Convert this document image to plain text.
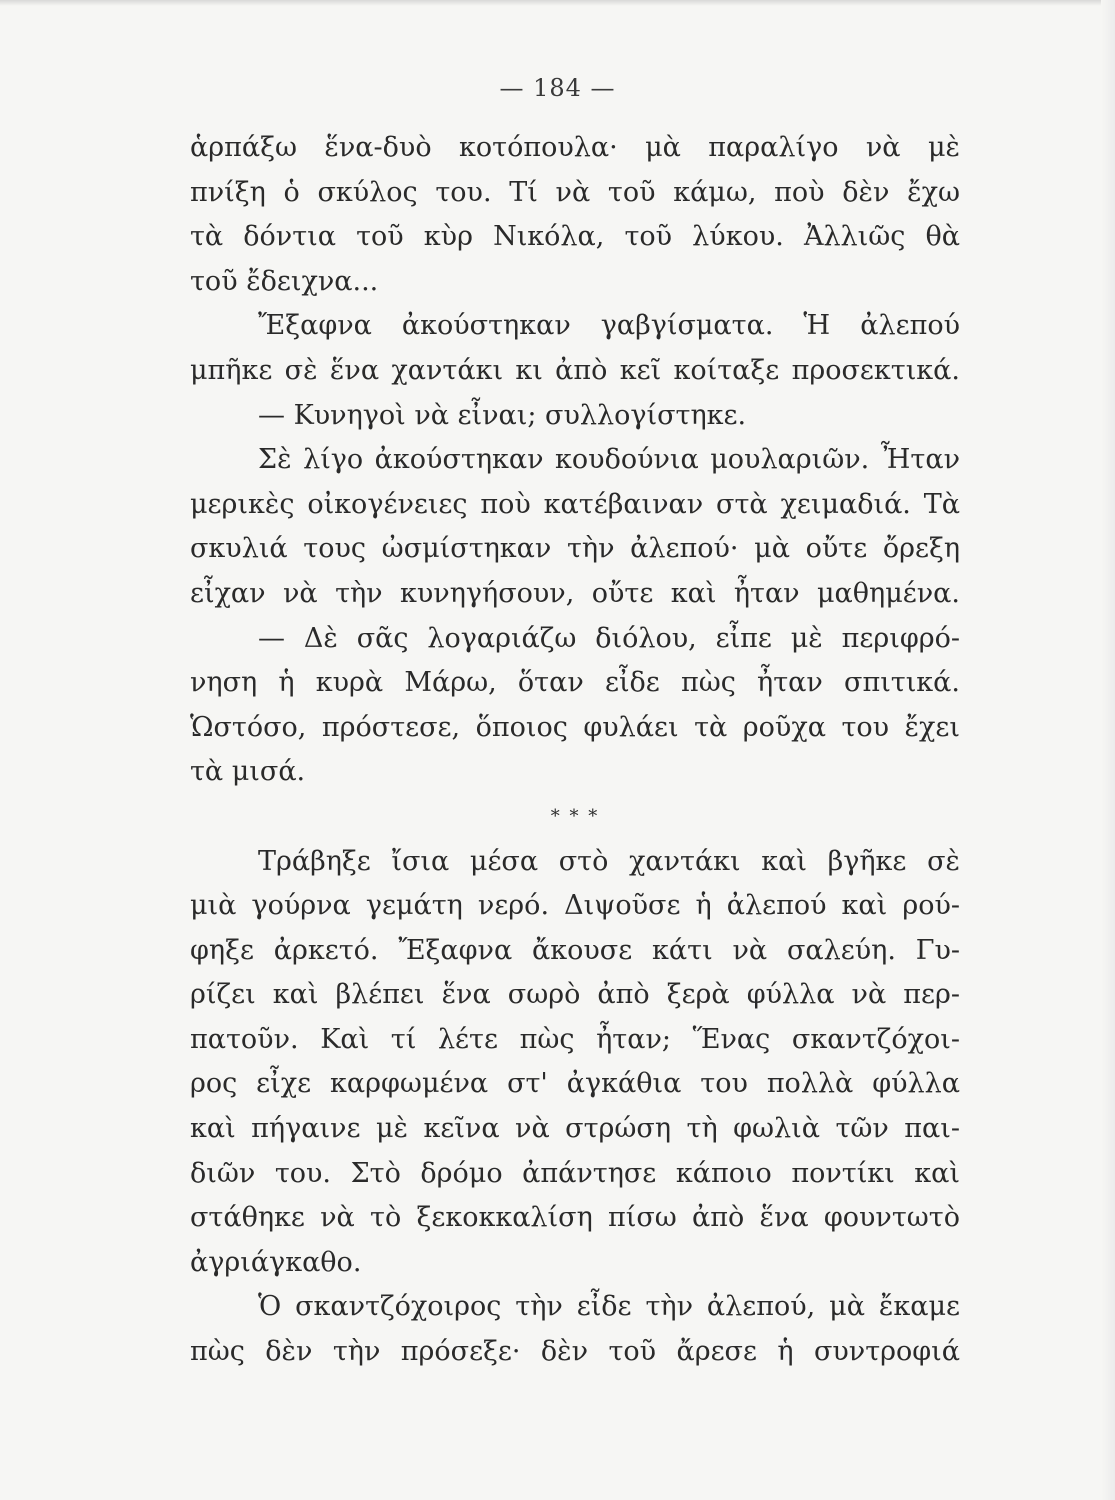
— 184 —
ἁρπάξω ἕνα-δυὸ κοτόπουλα· μὰ παραλίγο νὰ μὲ
πνίξη ὁ σκύλος του. Τί νὰ τοῦ κάμω, ποὺ δὲν ἔχω
τὰ δόντια τοῦ κὺρ Νικόλα, τοῦ λύκου. Ἀλλιῶς θὰ
τοῦ ἔδειχνα...
Ἔξαφνα ἀκούστηκαν γαβγίσματα. Ἡ ἀλεπού
μπῆκε σὲ ἕνα χαντάκι κι ἀπὸ κεῖ κοίταξε προσεκτικά.
— Κυνηγοὶ νὰ εἶναι; συλλογίστηκε.
Σὲ λίγο ἀκούστηκαν κουδούνια μουλαριῶν. Ἦταν
μερικὲς οἰκογένειες ποὺ κατέβαιναν στὰ χειμαδιά. Τὰ
σκυλιά τους ὠσμίστηκαν τὴν ἀλεπού· μὰ οὔτε ὄρεξη
εἶχαν νὰ τὴν κυνηγήσουν, οὔτε καὶ ἦταν μαθημένα.
— Δὲ σᾶς λογαριάζω διόλου, εἶπε μὲ περιφρό-
νηση ἡ κυρὰ Μάρω, ὅταν εἶδε πὼς ἦταν σπιτικά.
Ὡστόσο, πρόστεσε, ὅποιος φυλάει τὰ ροῦχα του ἔχει
τὰ μισά.
* * *
Τράβηξε ἴσια μέσα στὸ χαντάκι καὶ βγῆκε σὲ
μιὰ γούρνα γεμάτη νερό. Διψοῦσε ἡ ἀλεπού καὶ ρού-
φηξε ἀρκετό. Ἔξαφνα ἄκουσε κάτι νὰ σαλεύη. Γυ-
ρίζει καὶ βλέπει ἕνα σωρὸ ἀπὸ ξερὰ φύλλα νὰ περ-
πατοῦν. Καὶ τί λέτε πὼς ἦταν; Ἕνας σκαντζόχοι-
ρος εἶχε καρφωμένα στ' ἀγκάθια του πολλὰ φύλλα
καὶ πήγαινε μὲ κεῖνα νὰ στρώση τὴ φωλιὰ τῶν παι-
διῶν του. Στὸ δρόμο ἀπάντησε κάποιο ποντίκι καὶ
στάθηκε νὰ τὸ ξεκοκκαλίση πίσω ἀπὸ ἕνα φουντωτὸ
ἀγριάγκαθο.
Ὁ σκαντζόχοιρος τὴν εἶδε τὴν ἀλεπού, μὰ ἔκαμε
πὼς δὲν τὴν πρόσεξε· δὲν τοῦ ἄρεσε ἡ συντροφιά
